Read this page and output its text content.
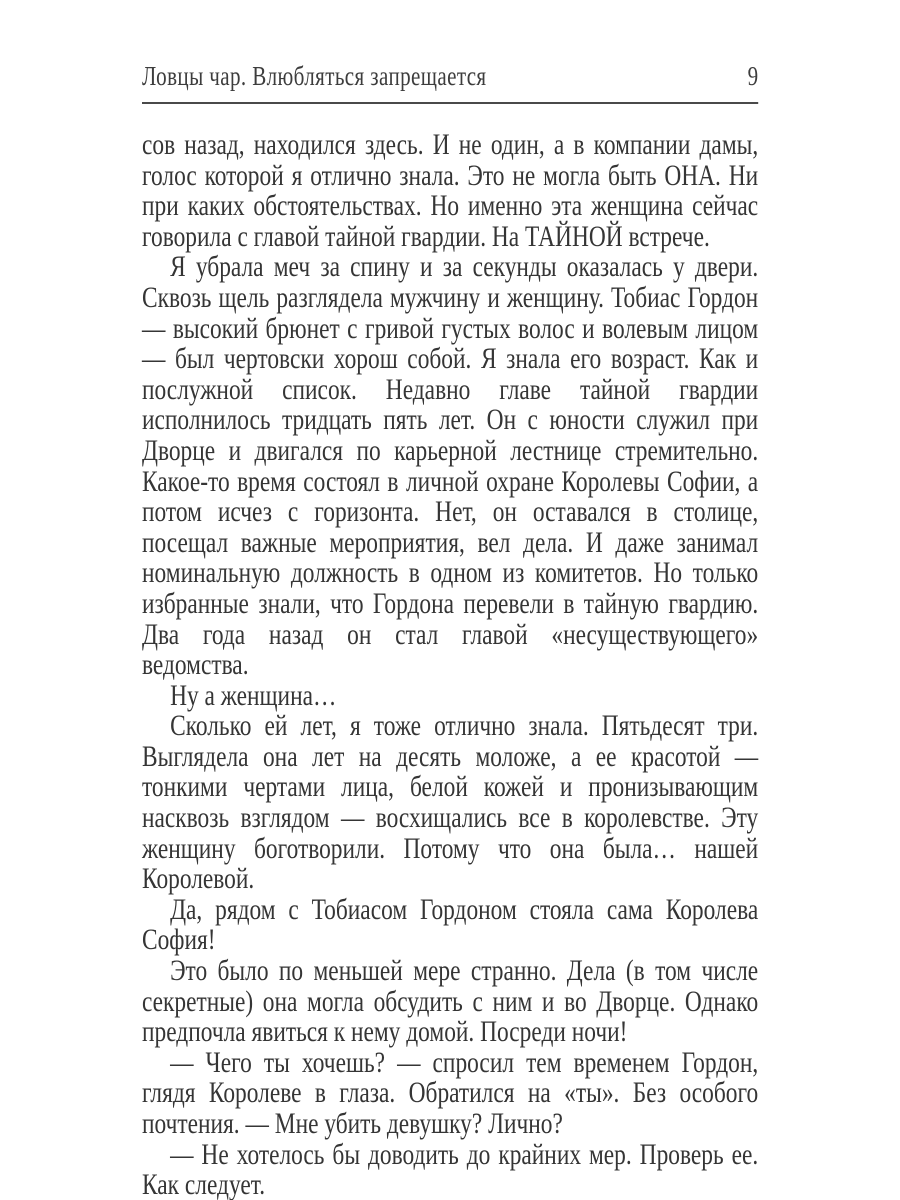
Ловцы чар. Влюбляться запрещается	9

сов назад, находился здесь. И не один, а в компании дамы, голос которой я отлично знала. Это не могла быть ОНА. Ни при каких обстоятельствах. Но именно эта женщина сейчас говорила с главой тайной гвардии. На ТАЙНОЙ встрече.

Я убрала меч за спину и за секунды оказалась у двери. Сквозь щель разглядела мужчину и женщину. Тобиас Гордон — высокий брюнет с гривой густых волос и волевым лицом — был чертовски хорош собой. Я знала его возраст. Как и послужной список. Недавно главе тайной гвардии исполнилось тридцать пять лет. Он с юности служил при Дворце и двигался по карьерной лестнице стремительно. Какое-то время состоял в личной охране Королевы Софии, а потом исчез с горизонта. Нет, он оставался в столице, посещал важные мероприятия, вел дела. И даже занимал номинальную должность в одном из комитетов. Но только избранные знали, что Гордона перевели в тайную гвардию. Два года назад он стал главой «несуществующего» ведомства.

Ну а женщина…

Сколько ей лет, я тоже отлично знала. Пятьдесят три. Выглядела она лет на десять моложе, а ее красотой — тонкими чертами лица, белой кожей и пронизывающим насквозь взглядом — восхищались все в королевстве. Эту женщину боготворили. Потому что она была… нашей Королевой.

Да, рядом с Тобиасом Гордоном стояла сама Королева София!

Это было по меньшей мере странно. Дела (в том числе секретные) она могла обсудить с ним и во Дворце. Однако предпочла явиться к нему домой. Посреди ночи!

— Чего ты хочешь? — спросил тем временем Гордон, глядя Королеве в глаза. Обратился на «ты». Без особого почтения. — Мне убить девушку? Лично?

— Не хотелось бы доводить до крайних мер. Проверь ее. Как следует.
